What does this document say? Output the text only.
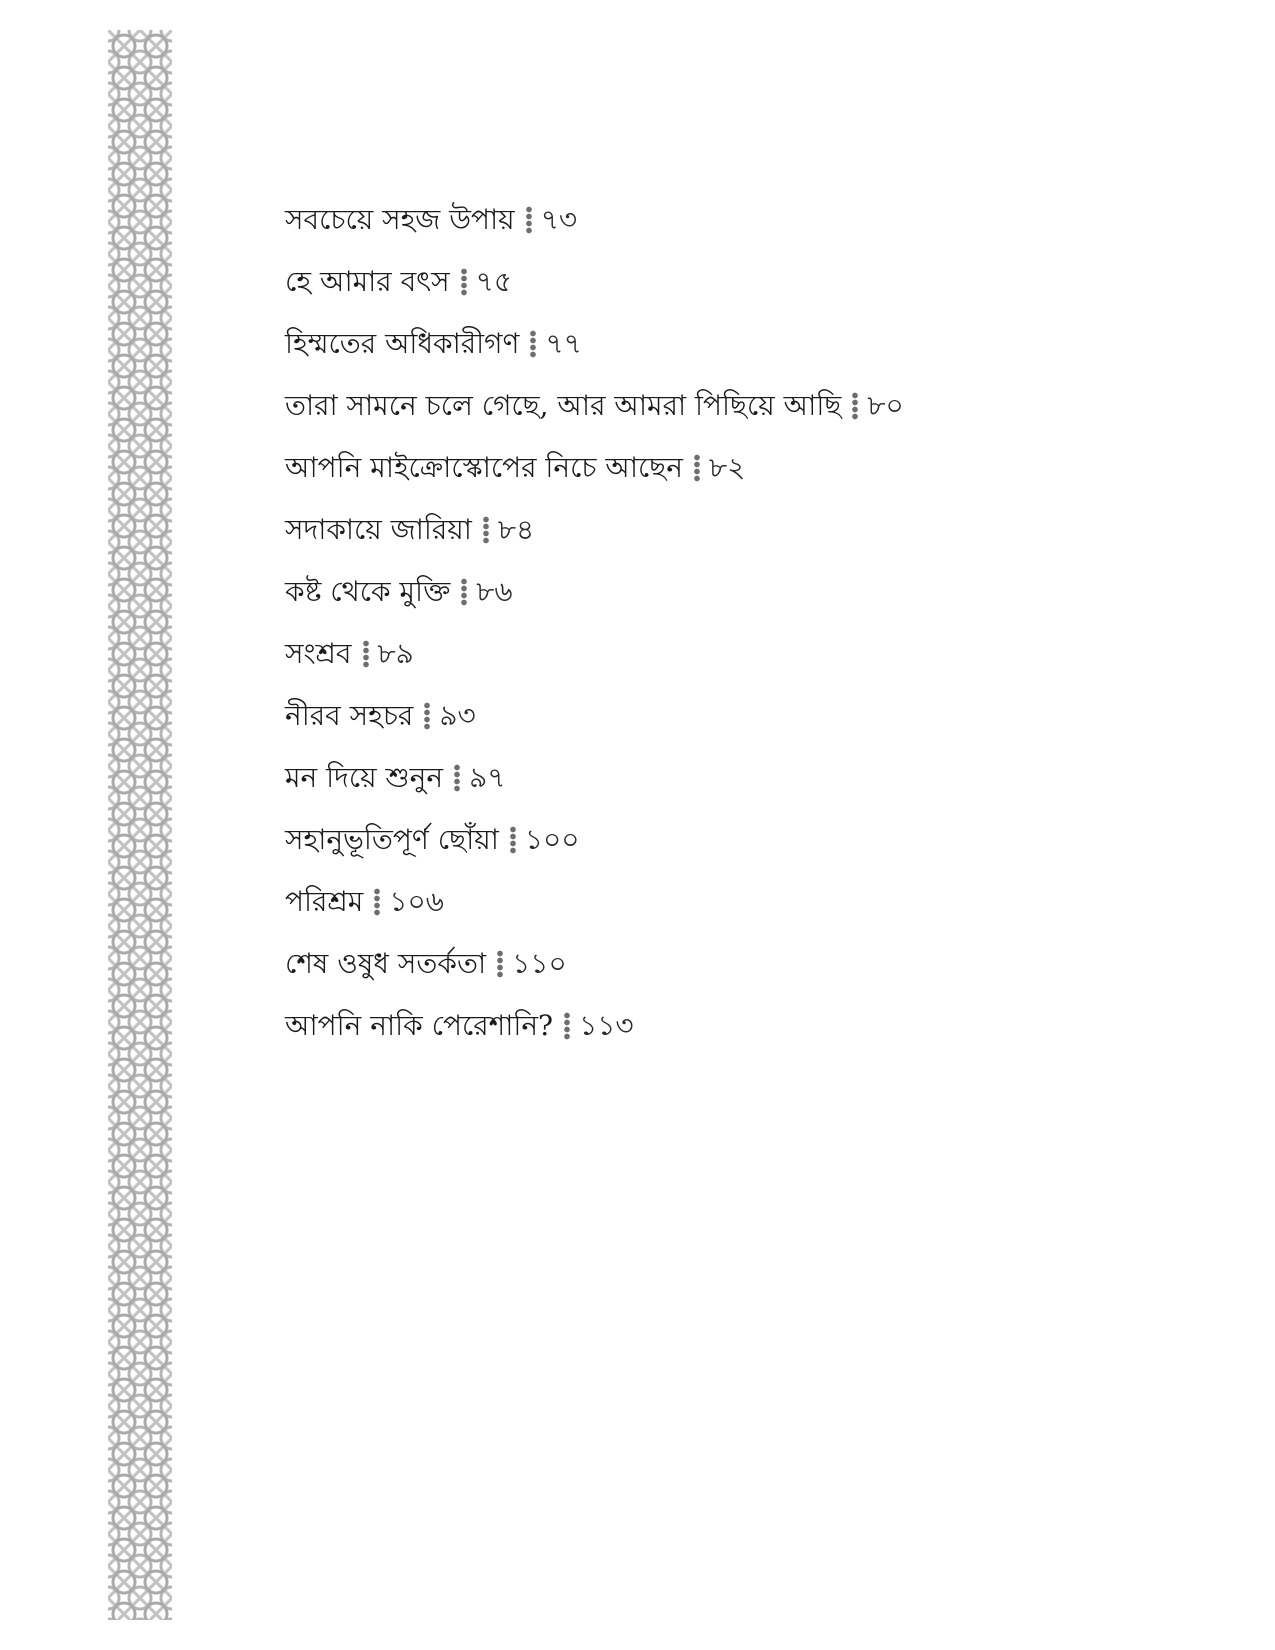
সবচেয়ে সহজ উপায় ৭৩
হে আমার বৎস ৭৫
হিম্মতের অধিকারীগণ ৭৭
তারা সামনে চলে গেছে, আর আমরা পিছিয়ে আছি ৮০
আপনি মাইক্রোস্কোপের নিচে আছেন ৮২
সদাকায়ে জারিয়া ৮৪
কষ্ট থেকে মুক্তি ৮৬
সংশ্রব ৮৯
নীরব সহচর ৯৩
মন দিয়ে শুনুন ৯৭
সহানুভূতিপূর্ণ ছোঁয়া ১০০
পরিশ্রম ১০৬
শেষ ওষুধ সতর্কতা ১১০
আপনি নাকি পেরেশানি? ১১৩
